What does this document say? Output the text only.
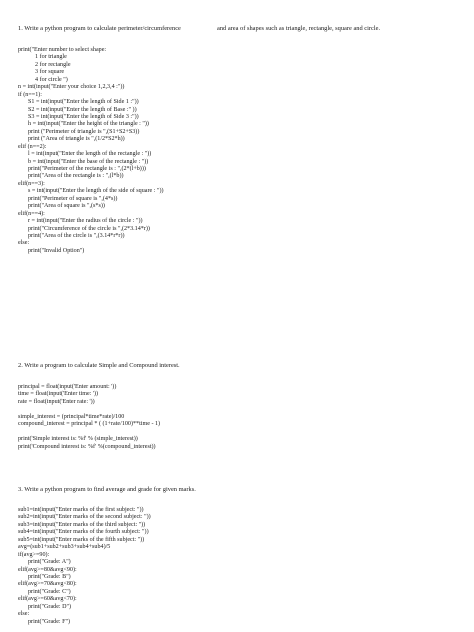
1. Write a python program to calculate perimeter/circumference	and area of shapes such as triangle, rectangle, square and circle.
print("Enter number to select shape:
1 for triangle
2 for rectangle
3 for square
4 for circle ")
n = int(input("Enter your choice 1,2,3,4 :"))
if (n==1):
S1 = int(input("Enter the length of Side 1 :"))
S2 = int(input("Enter the length of Base :" ))
S3 = int(input("Enter the length of Side 3 :"))
h = int(input("Enter the height of the triangle : "))
print ("Perimeter of triangle is ",(S1+S2+S3))
print ("Area of triangle is ",(1/2*S2*h))
elif (n==2):
l = int(input("Enter the length of the rectangle : "))
b = int(input("Enter the base of the rectangle : "))
print("Perimeter of the rectangle is : ",(2*(l+b)))
print("Area of the rectangle is : ",(l*b))
elif(n==3):
s = int(input("Enter the length of the side of square : "))
print("Perimeter of square is ",(4*s))
print("Area of square is ",(s*s))
elif(n==4):
r = int(input("Enter the radius of the circle : "))
print("Circumference of the circle is ",(2*3.14*r))
print("Area of the circle is ",(3.14*r*r))
else:
print("Invalid Option")
2. Write a program to calculate Simple and Compound interest.
principal = float(input('Enter amount: '))
time = float(input('Enter time: '))
rate = float(input('Enter rate: '))
simple_interest = (principal*time*rate)/100
compound_interest = principal * ( (1+rate/100)**time - 1)
print('Simple interest is: %f' % (simple_interest))
print('Compound interest is: %f' %(compound_interest))
3. Write a python program to find average and grade for given marks.
sub1=int(input("Enter marks of the first subject: "))
sub2=int(input("Enter marks of the second subject: "))
sub3=int(input("Enter marks of the third subject: "))
sub4=int(input("Enter marks of the fourth subject: "))
sub5=int(input("Enter marks of the fifth subject: "))
avg=(sub1+sub2+sub3+sub4+sub4)/5
if(avg>=90):
print("Grade: A")
elif(avg>=80&avg<90):
print("Grade: B")
elif(avg>=70&avg<80):
print("Grade: C")
elif(avg>=60&avg<70):
print("Grade: D")
else:
print("Grade: F")
